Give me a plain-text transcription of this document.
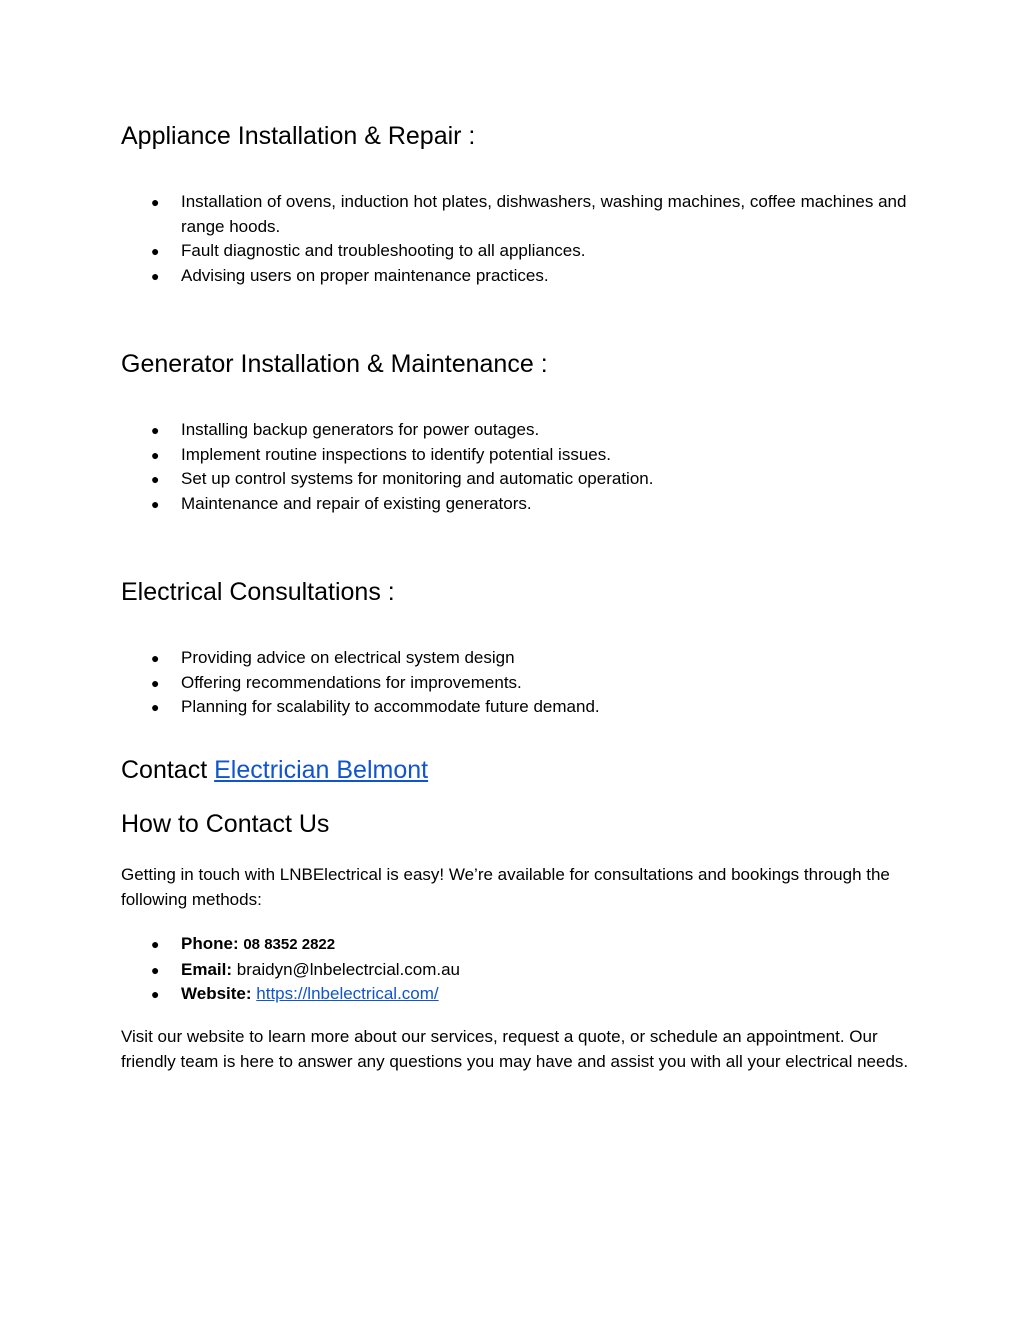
Appliance Installation & Repair :
● Installation of ovens, induction hot plates, dishwashers, washing machines, coffee machines and range hoods.
● Fault diagnostic and troubleshooting to all appliances.
● Advising users on proper maintenance practices.
Generator Installation & Maintenance :
● Installing backup generators for power outages.
● Implement routine inspections to identify potential issues.
● Set up control systems for monitoring and automatic operation.
● Maintenance and repair of existing generators.
Electrical Consultations :
● Providing advice on electrical system design
● Offering recommendations for improvements.
● Planning for scalability to accommodate future demand.
Contact Electrician Belmont
How to Contact Us

Getting in touch with LNBElectrical is easy! We’re available for consultations and bookings through the following methods:

● Phone: 08 8352 2822
● Email: braidyn@lnbelectrcial.com.au
● Website: https://lnbelectrical.com/

Visit our website to learn more about our services, request a quote, or schedule an appointment. Our friendly team is here to answer any questions you may have and assist you with all your electrical needs.
